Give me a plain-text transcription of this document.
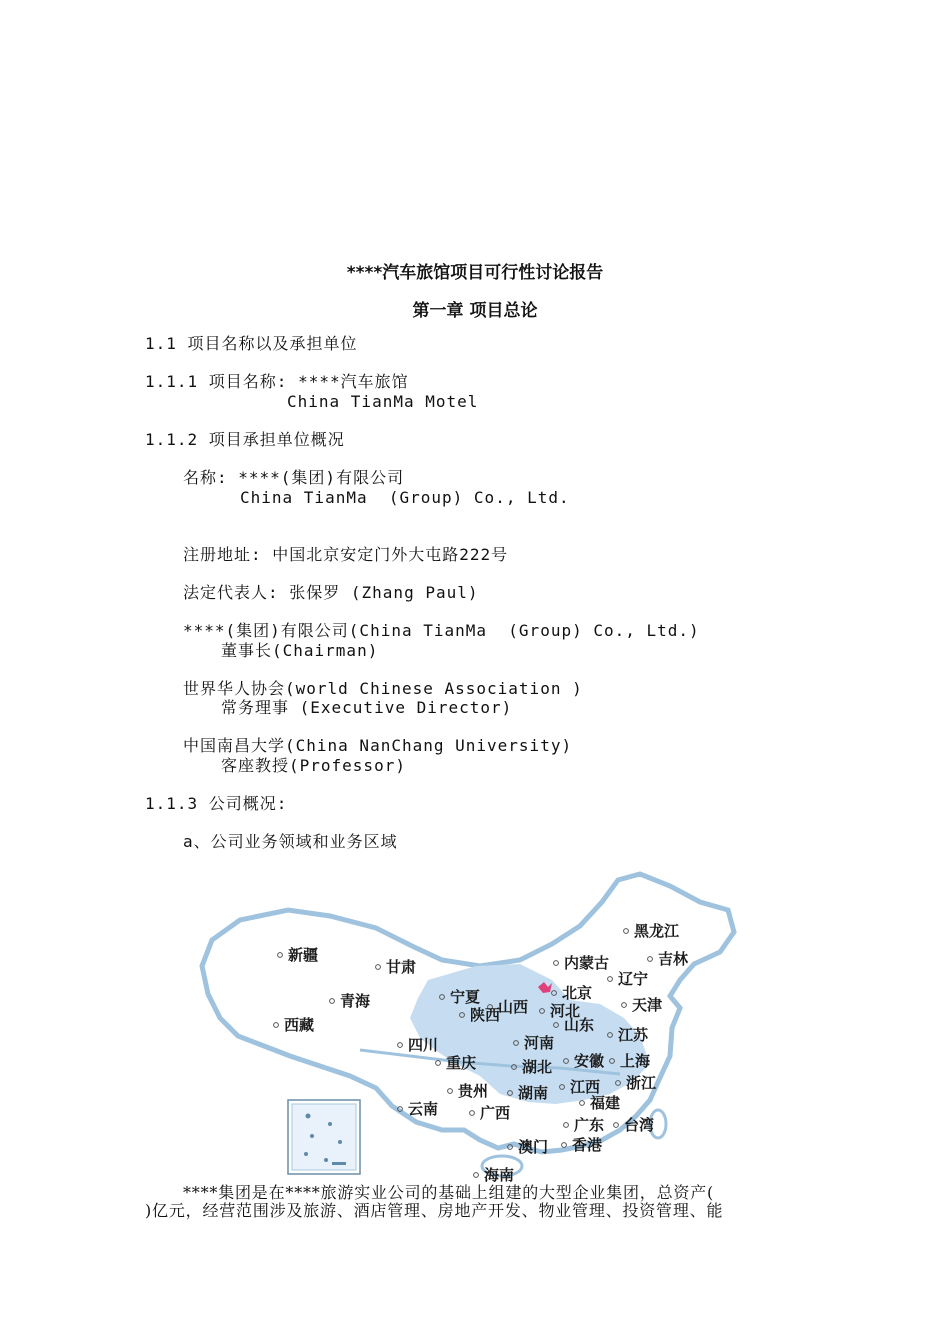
****汽车旅馆项目可行性讨论报告
第一章 项目总论
1.1 项目名称以及承担单位
1.1.1 项目名称: ****汽车旅馆
China TianMa Motel
1.1.2 项目承担单位概况
名称: ****(集团)有限公司
China TianMa  (Group) Co., Ltd.
注册地址: 中国北京安定门外大屯路222号
法定代表人: 张保罗 (Zhang Paul)
****(集团)有限公司(China TianMa  (Group) Co., Ltd.)
董事长(Chairman)
世界华人协会(world Chinese Association )
常务理事 (Executive Director)
中国南昌大学(China NanChang University)
客座教授(Professor)
1.1.3 公司概况:
a、公司业务领域和业务区域
黑龙江
新疆
甘肃	内蒙古	吉林
辽宁
北京
天津
青海	宁夏
山西 河北
陕西
西藏	山东
江苏
四川	河南
重庆	湖北 安徽 上海
贵州 湖南 江西 浙江
云南	广西
福建
广东 台湾
澳门 香港
海南
****集团是在****旅游实业公司的基础上组建的大型企业集团，总资产(
)亿元，经营范围涉及旅游、酒店管理、房地产开发、物业管理、投资管理、能
